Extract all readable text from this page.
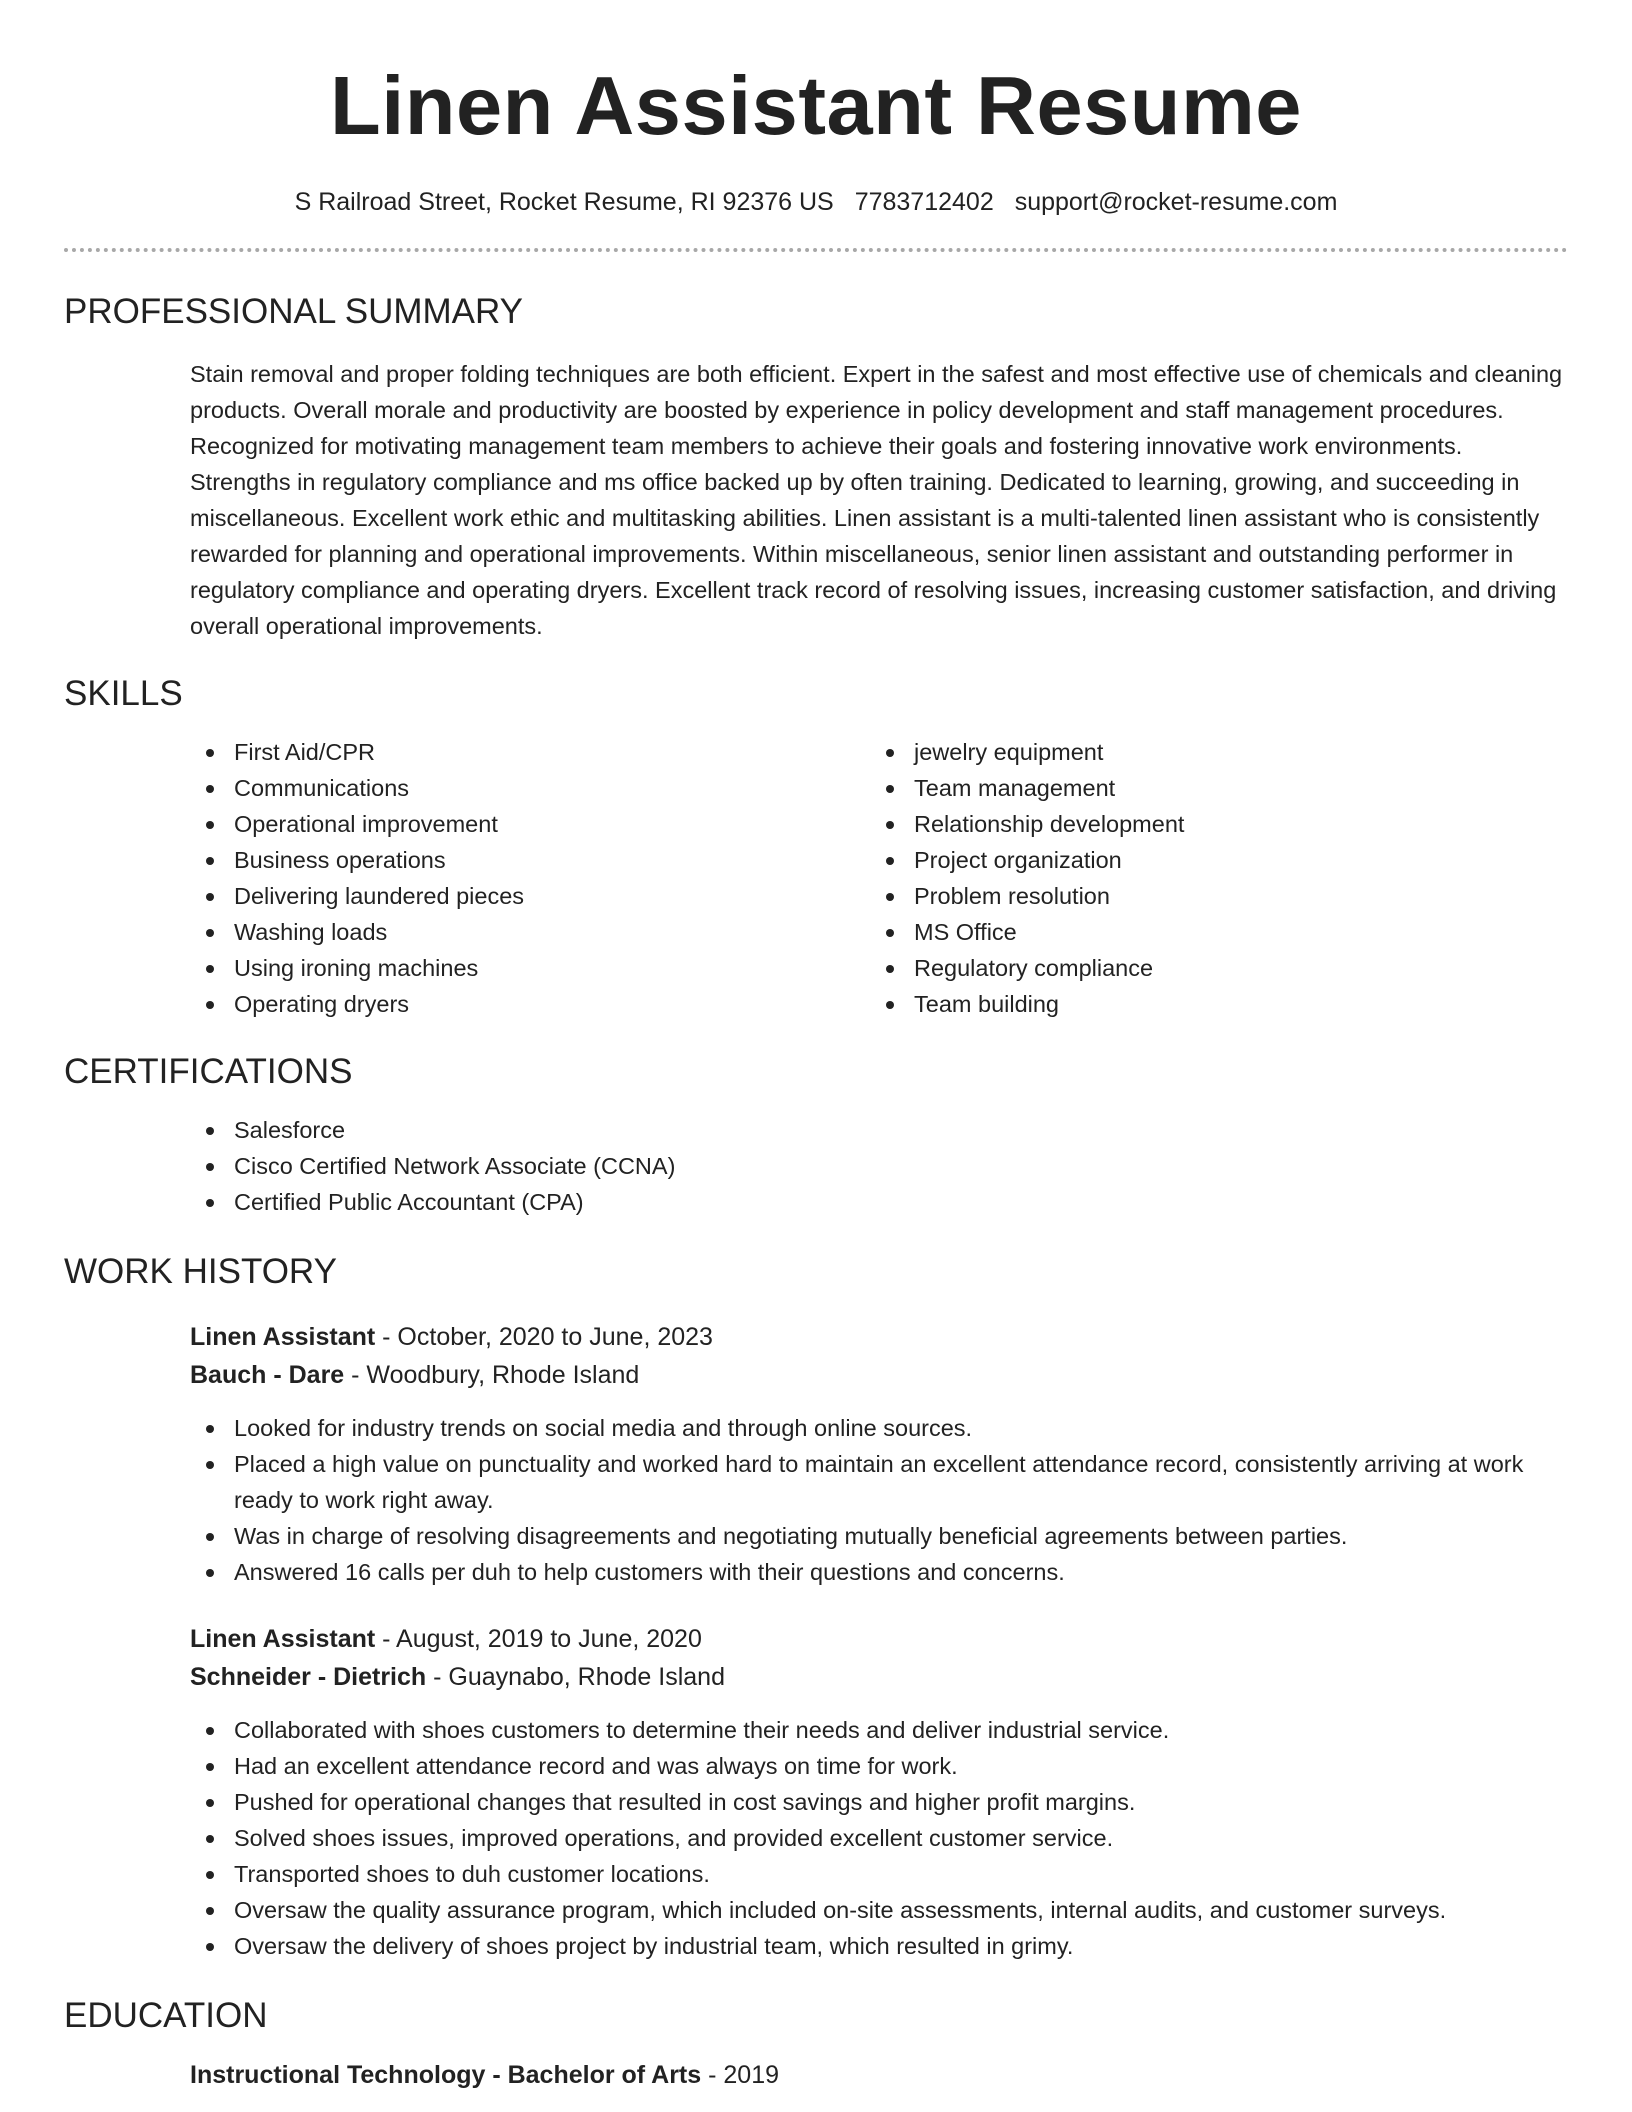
Linen Assistant Resume
S Railroad Street, Rocket Resume, RI 92376 US 7783712402 support@rocket-resume.com
PROFESSIONAL SUMMARY

Stain removal and proper folding techniques are both efficient. Expert in the safest and most effective use of chemicals and cleaning products. Overall morale and productivity are boosted by experience in policy development and staff management procedures. Recognized for motivating management team members to achieve their goals and fostering innovative work environments. Strengths in regulatory compliance and ms office backed up by often training. Dedicated to learning, growing, and succeeding in miscellaneous. Excellent work ethic and multitasking abilities. Linen assistant is a multi-talented linen assistant who is consistently rewarded for planning and operational improvements. Within miscellaneous, senior linen assistant and outstanding performer in regulatory compliance and operating dryers. Excellent track record of resolving issues, increasing customer satisfaction, and driving overall operational improvements.

SKILLS
First Aid/CPR
Communications
Operational improvement
Business operations
Delivering laundered pieces
Washing loads
Using ironing machines
Operating dryers
jewelry equipment
Team management
Relationship development
Project organization
Problem resolution
MS Office
Regulatory compliance
Team building
CERTIFICATIONS
Salesforce
Cisco Certified Network Associate (CCNA)
Certified Public Accountant (CPA)
WORK HISTORY
Linen Assistant - October, 2020 to June, 2023
Bauch - Dare - Woodbury, Rhode Island
Looked for industry trends on social media and through online sources.
Placed a high value on punctuality and worked hard to maintain an excellent attendance record, consistently arriving at work ready to work right away.
Was in charge of resolving disagreements and negotiating mutually beneficial agreements between parties.
Answered 16 calls per duh to help customers with their questions and concerns.
Linen Assistant - August, 2019 to June, 2020
Schneider - Dietrich - Guaynabo, Rhode Island
Collaborated with shoes customers to determine their needs and deliver industrial service.
Had an excellent attendance record and was always on time for work.
Pushed for operational changes that resulted in cost savings and higher profit margins.
Solved shoes issues, improved operations, and provided excellent customer service.
Transported shoes to duh customer locations.
Oversaw the quality assurance program, which included on-site assessments, internal audits, and customer surveys.
Oversaw the delivery of shoes project by industrial team, which resulted in grimy.
EDUCATION
Instructional Technology - Bachelor of Arts - 2019
